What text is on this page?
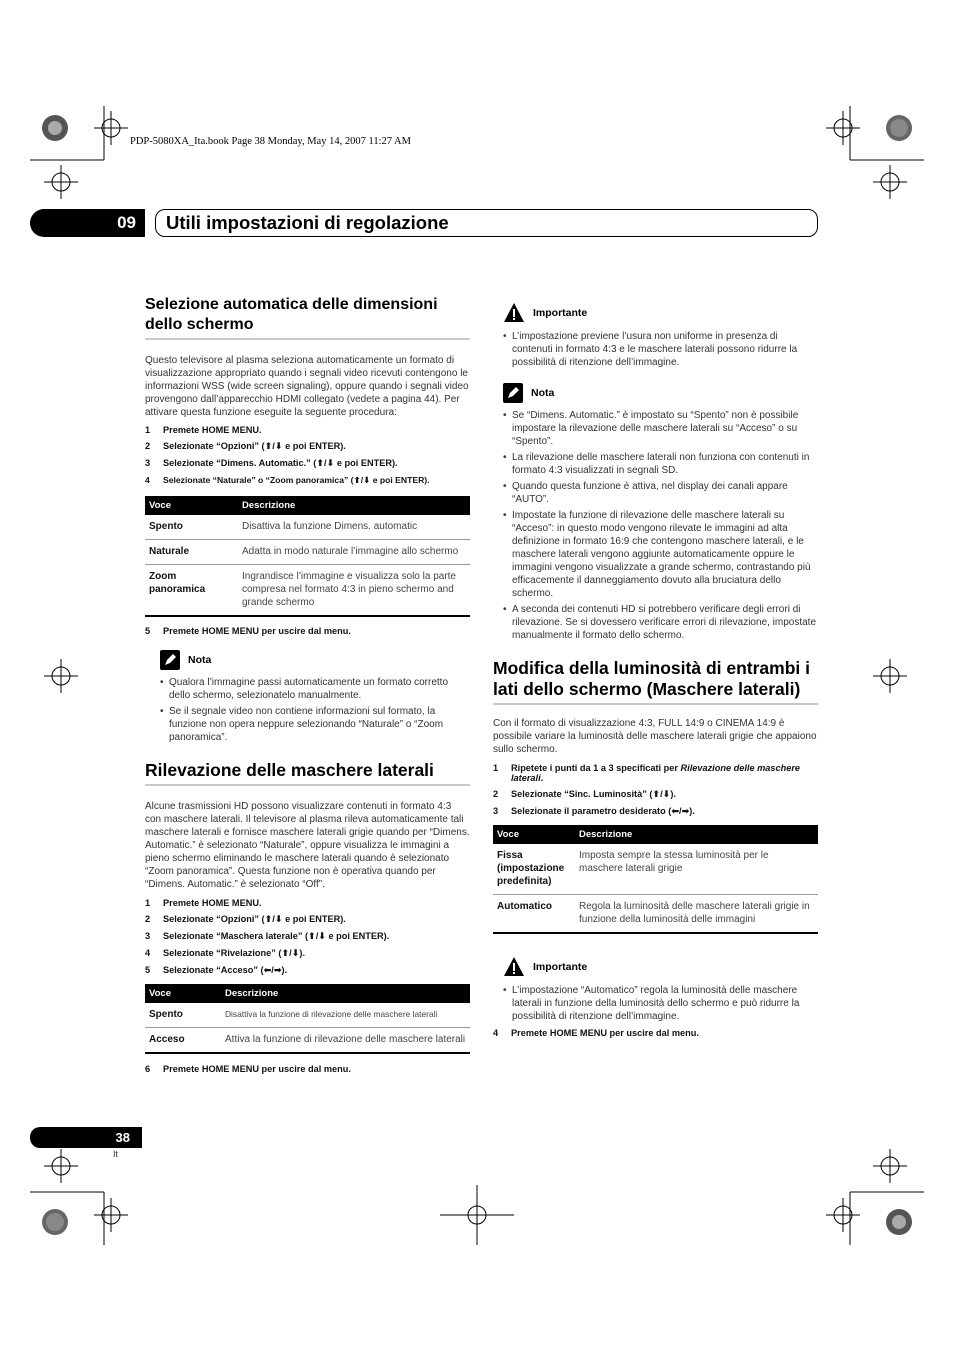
PDP-5080XA_Ita.book Page 38 Monday, May 14, 2007 11:27 AM
09	Utili impostazioni di regolazione
Selezione automatica delle dimensioni dello schermo

Questo televisore al plasma seleziona automaticamente un formato di visualizzazione appropriato quando i segnali video ricevuti contengono le informazioni WSS (wide screen signaling), oppure quando i segnali video provengono dall’apparecchio HDMI collegato (vedete a pagina 44). Per attivare questa funzione eseguite la seguente procedura:

1	Premete HOME MENU.
2	Selezionate “Opzioni” (⬆/⬇ e poi ENTER).
3	Selezionate “Dimens. Automatic.” (⬆/⬇ e poi ENTER).
4	Selezionate “Naturale” o “Zoom panoramica” (⬆/⬇ e poi ENTER).
Voce	Descrizione
Spento	Disattiva la funzione Dimens. automatic
Naturale	Adatta in modo naturale l’immagine allo schermo
Zoom panoramica	Ingrandisce l’immagine e visualizza solo la parte compresa nel formato 4:3 in pieno schermo and grande schermo
5	Premete HOME MENU per uscire dal menu.
Nota
• Qualora l’immagine passi automaticamente un formato corretto dello schermo, selezionatelo manualmente.
• Se il segnale video non contiene informazioni sul formato, la funzione non opera neppure selezionando “Naturale” o “Zoom panoramica”.
Rilevazione delle maschere laterali

Alcune trasmissioni HD possono visualizzare contenuti in formato 4:3 con maschere laterali. Il televisore al plasma rileva automaticamente tali maschere laterali e fornisce maschere laterali grigie quando per “Dimens. Automatic.” è selezionato “Naturale”, oppure visualizza le immagini a pieno schermo eliminando le maschere laterali quando è selezionato “Zoom panoramica”. Questa funzione non è operativa quando per “Dimens. Automatic.” è selezionato “Off”.

1	Premete HOME MENU.
2	Selezionate “Opzioni” (⬆/⬇ e poi ENTER).
3	Selezionate “Maschera laterale” (⬆/⬇ e poi ENTER).
4	Selezionate “Rivelazione” (⬆/⬇).
5	Selezionate “Acceso” (⬅/➡).
Voce	Descrizione
Spento	Disattiva la funzione di rilevazione delle maschere laterali
Acceso	Attiva la funzione di rilevazione delle maschere laterali
6	Premete HOME MENU per uscire dal menu.
Importante
• L’impostazione previene l’usura non uniforme in presenza di contenuti in formato 4:3 e le maschere laterali possono ridurre la possibilità di ritenzione dell’immagine.
Nota
• Se “Dimens. Automatic.” è impostato su “Spento” non è possibile impostare la rilevazione delle maschere laterali su “Acceso” o su “Spento”.
• La rilevazione delle maschere laterali non funziona con contenuti in formato 4:3 visualizzati in segnali SD.
• Quando questa funzione è attiva, nel display dei canali appare “AUTO”.
• Impostate la funzione di rilevazione delle maschere laterali su “Acceso”: in questo modo vengono rilevate le immagini ad alta definizione in formato 16:9 che contengono maschere laterali, e le maschere laterali vengono aggiunte automaticamente oppure le immagini vengono visualizzate a grande schermo, contrastando più efficacemente il danneggiamento dovuto alla bruciatura dello schermo.
• A seconda dei contenuti HD si potrebbero verificare degli errori di rilevazione. Se si dovessero verificare errori di rilevazione, impostate manualmente il formato dello schermo.
Modifica della luminosità di entrambi i lati dello schermo (Maschere laterali)

Con il formato di visualizzazione 4:3, FULL 14:9 o CINEMA 14:9 è possibile variare la luminosità delle maschere laterali grigie che appaiono sullo schermo.

1	Ripetete i punti da 1 a 3 specificati per Rilevazione delle maschere laterali.
2	Selezionate “Sinc. Luminosità” (⬆/⬇).
3	Selezionate il parametro desiderato (⬅/➡).
Voce	Descrizione
Fissa (impostazione predefinita)	Imposta sempre la stessa luminosità per le maschere laterali grigie
Automatico	Regola la luminosità delle maschere laterali grigie in funzione della luminosità delle immagini
Importante
• L’impostazione “Automatico” regola la luminosità delle maschere laterali in funzione della luminosità dello schermo e può ridurre la possibilità di ritenzione dell’immagine.
4	Premete HOME MENU per uscire dal menu.
38
It
